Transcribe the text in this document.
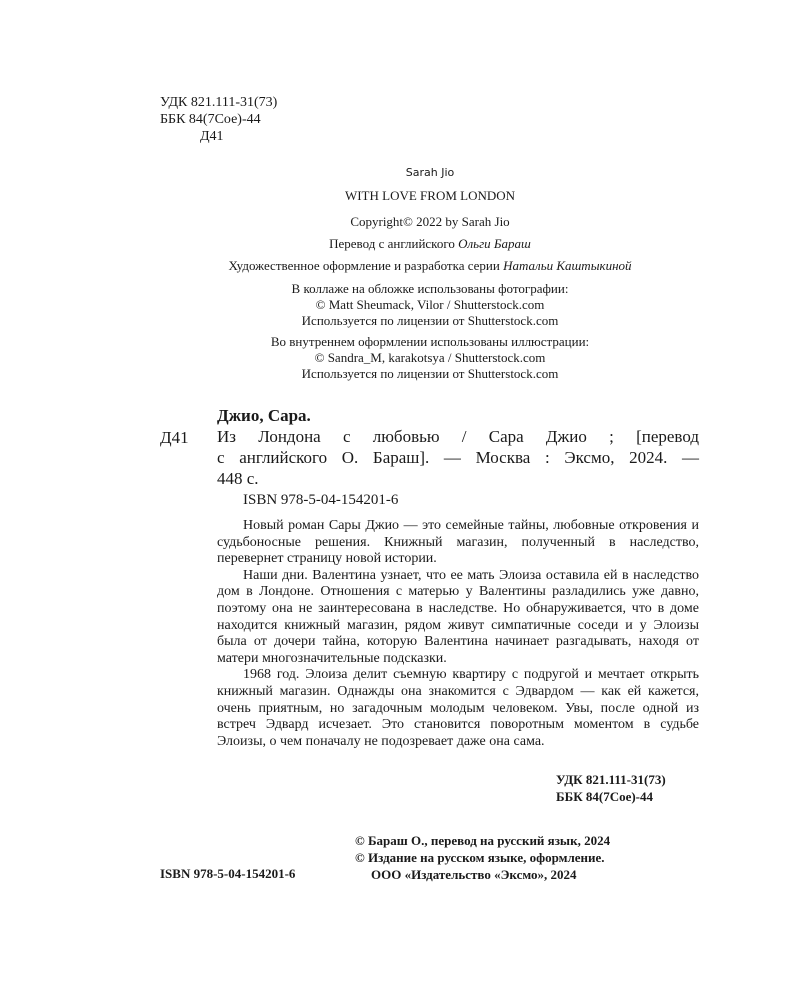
УДК 821.111-31(73)
ББК 84(7Сое)-44
Д41
Sarah Jio
WITH LOVE FROM LONDON
Copyright© 2022 by Sarah Jio
Перевод с английского Ольги Бараш
Художественное оформление и разработка серии Натальи Каштыкиной
В коллаже на обложке использованы фотографии:
© Matt Sheumack, Vilor / Shutterstock.com
Используется по лицензии от Shutterstock.com
Во внутреннем оформлении использованы иллюстрации:
© Sandra_M, karakotsya / Shutterstock.com
Используется по лицензии от Shutterstock.com
Джио, Сара.
Д41 Из Лондона с любовью / Сара Джио ; [перевод
с английского О. Бараш]. — Москва : Эксмо, 2024. —
448 с.
ISBN 978-5-04-154201-6

Новый роман Сары Джио — это семейные тайны, любовные откровения и судьбоносные решения. Книжный магазин, полученный в наследство, перевернет страницу новой истории.

Наши дни. Валентина узнает, что ее мать Элоиза оставила ей в наследство дом в Лондоне. Отношения с матерью у Валентины разладились уже давно, поэтому она не заинтересована в наследстве. Но обнаруживается, что в доме находится книжный магазин, рядом живут симпатичные соседи и у Элоизы была от дочери тайна, которую Валентина начинает разгадывать, находя от матери многозначительные подсказки.

1968 год. Элоиза делит съемную квартиру с подругой и мечтает открыть книжный магазин. Однажды она знакомится с Эдвардом — как ей кажется, очень приятным, но загадочным молодым человеком. Увы, после одной из встреч Эдвард исчезает. Это становится поворотным моментом в судьбе Элоизы, о чем поначалу не подозревает даже она сама.

УДК 821.111-31(73)
ББК 84(7Сое)-44
© Бараш О., перевод на русский язык, 2024
© Издание на русском языке, оформление.
ООО «Издательство «Эксмо», 2024
ISBN 978-5-04-154201-6
